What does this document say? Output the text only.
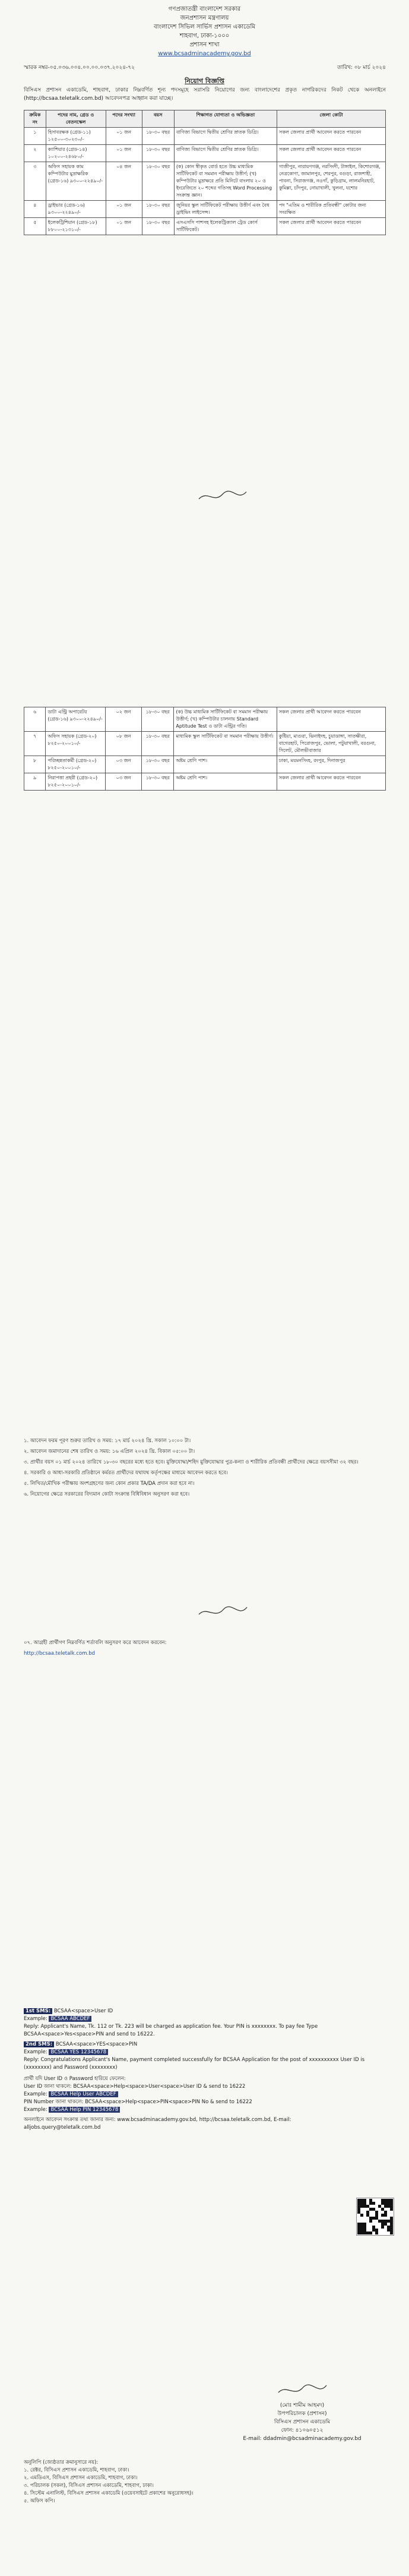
গণপ্রজাতন্ত্রী বাংলাদেশ সরকার
জনপ্রশাসন মন্ত্রণালয়
বাংলাদেশ সিভিল সার্ভিস প্রশাসন একাডেমি
শাহবাগ, ঢাকা-১০০০
প্রশাসন শাখা
www.bcsadminacademy.gov.bd
স্মারক নম্বর-০৫.০৩৬.০০৪.০০.০০.০৩৭.২০২৪-৭২	তারিখ: ০৮ মার্চ ২০২৪
নিয়োগ বিজ্ঞপ্তি
বিসিএস প্রশাসন একাডেমি, শাহবাগ, ঢাকার নিম্নবর্ণিত শূন্য পদসমূহে সরাসরি নিয়োগের জন্য বাংলাদেশের প্রকৃত নাগরিকদের নিকট থেকে অনলাইনে (http://bcsaa.teletalk.com.bd) আবেদনপত্র আহ্বান করা যাচ্ছে।
ক্রমিক নং	পদের নাম, গ্রেড ও বেতনস্কেল	পদের সংখ্যা	বয়স	শিক্ষাগত যোগ্যতা ও অভিজ্ঞতা	জেলা কোটা
১	হিসাবরক্ষক (গ্রেড-১১) ১২৫০০-৩০২৩০/-	০১ জন	১৮-৩০ বছর	বাণিজ্য বিভাগে দ্বিতীয় শ্রেণির স্নাতক ডিগ্রি।	সকল জেলার প্রার্থী আবেদন করতে পারবেন
২	ক্যাশিয়ার (গ্রেড-১৪) ১০২০০-২৪৬৮০/-	০১ জন	১৮-৩০ বছর	বাণিজ্য বিভাগে দ্বিতীয় শ্রেণির স্নাতক ডিগ্রি।	সকল জেলার প্রার্থী আবেদন করতে পারবেন
৩	অফিস সহায়ক কাম কম্পিউটার মুদ্রাক্ষরিক (গ্রেড-১৬) ৯৩০০-২২৪৯০/-	০৪ জন	১৮-৩০ বছর	(ক) কোন স্বীকৃত বোর্ড হতে উচ্চ মাধ্যমিক সার্টিফিকেট বা সমমান পরীক্ষায় উত্তীর্ণ; (খ) কম্পিউটার মুদ্রাক্ষরে প্রতি মিনিটে বাংলায় ২০ ও ইংরেজিতে ২০ শব্দের গতিসহ Word Processing সংক্রান্ত জ্ঞান।	গাজীপুর, নারায়ণগঞ্জ, নরসিংদী, টাঙ্গাইল, কিশোরগঞ্জ, নেত্রকোণা, জামালপুর, শেরপুর, বগুড়া, রাজশাহী, পাবনা, সিরাজগঞ্জ, নওগাঁ, কুড়িগ্রাম, লালমনিরহাট, কুমিল্লা, চাঁদপুর, নোয়াখালী, খুলনা, যশোর
৪	ড্রাইভার (গ্রেড-১৬) ৯৩০০-২২৪৯০/-	০১ জন	১৮-৩০ বছর	জুনিয়র স্কুল সার্টিফিকেট পরীক্ষায় উত্তীর্ণ এবং বৈধ ড্রাইভিং লাইসেন্স।	পদ "এতিম ও শারীরিক প্রতিবন্ধী" কোটার জন্য সংরক্ষিত
৫	ইলেকট্রিশিয়ান (গ্রেড-১৮) ৮৮০০-২১৩১০/-	০১ জন	১৮-৩০ বছর	এসএসসি পাশসহ ইলেকট্রিক্যাল ট্রেড কোর্স সার্টিফিকেট।	সকল জেলার প্রার্থী আবেদন করতে পারবেন
৬	ডাটা এন্ট্রি অপারেটর (গ্রেড-১৬) ৯৩০০-২২৪৯০/-	০২ জন	১৮-৩০ বছর	(ক) উচ্চ মাধ্যমিক সার্টিফিকেট বা সমমান পরীক্ষায় উত্তীর্ণ; (খ) কম্পিউটার চালনায় Standard Aptitude Test ও ডাটা এন্ট্রির গতি।	সকল জেলার প্রার্থী আবেদন করতে পারবেন
৭	অফিস সহায়ক (গ্রেড-২০) ৮২৫০-২০০১০/-	০৮ জন	১৮-৩০ বছর	মাধ্যমিক স্কুল সার্টিফিকেট বা সমমান পরীক্ষায় উত্তীর্ণ।	কুষ্টিয়া, মাগুরা, ঝিনাইদহ, চুয়াডাঙ্গা, সাতক্ষীরা, বাগেরহাট, পিরোজপুর, ভোলা, পটুয়াখালী, বরগুনা, সিলেট, মৌলভীবাজার
৮	পরিচ্ছন্নতাকর্মী (গ্রেড-২০) ৮২৫০-২০০১০/-	০৩ জন	১৮-৩০ বছর	অষ্টম শ্রেণি পাশ।	ঢাকা, ময়মনসিংহ, রংপুর, দিনাজপুর
৯	নিরাপত্তা প্রহরী (গ্রেড-২০) ৮২৫০-২০০১০/-	০৩ জন	১৮-৩০ বছর	অষ্টম শ্রেণি পাশ।	সকল জেলার প্রার্থী আবেদন করতে পারবেন

১. আবেদন ফরম পূরণ শুরুর তারিখ ও সময়: ১৭ মার্চ ২০২৪ খ্রি. সকাল ১০:০০ টা।

২. আবেদন জমাদানের শেষ তারিখ ও সময়: ১৬ এপ্রিল ২০২৪ খ্রি. বিকাল ০৫:০০ টা।

৩. প্রার্থীর বয়স ০১ মার্চ ২০২৪ তারিখে ১৮-৩০ বছরের মধ্যে হতে হবে। মুক্তিযোদ্ধা/শহিদ মুক্তিযোদ্ধার পুত্র-কন্যা ও শারীরিক প্রতিবন্ধী প্রার্থীদের ক্ষেত্রে বয়সসীমা ৩২ বছর।

৪. সরকারি ও আধা-সরকারি প্রতিষ্ঠানে কর্মরত প্রার্থীদের যথাযথ কর্তৃপক্ষের মাধ্যমে আবেদন করতে হবে।

৫. লিখিত/মৌখিক পরীক্ষায় অংশগ্রহণের জন্য কোন প্রকার TA/DA প্রদান করা হবে না।

৬. নিয়োগের ক্ষেত্রে সরকারের বিদ্যমান কোটা সংক্রান্ত বিধিবিধান অনুসরণ করা হবে।

০৭. আগ্রহী প্রার্থীগণ নিম্নবর্ণিত শর্তাবলি অনুসরণ করে আবেদন করবেন:

http://bcsaa.teletalk.com.bd

1st SMS: BCSAA<space>User ID
Example: BCSAA ABCDEF
Reply: Applicant's Name, Tk. 112 or Tk. 223 will be charged as application fee. Your PIN is xxxxxxxx. To pay fee Type BCSAA<space>Yes<space>PIN and send to 16222.
2nd SMS: BCSAA<space>YES<space>PIN
Example: BCSAA YES 12345678
Reply: Congratulations Applicant's Name, payment completed successfully for BCSAA Application for the post of xxxxxxxxxx User ID is (xxxxxxxx) and Password (xxxxxxxx)
প্রার্থী যদি User ID ও Password হারিয়ে ফেলেন:
User ID জানা থাকলে: BCSAA<space>Help<space>User<space>User ID & send to 16222
Example: BCSAA Help User ABCDEF
PIN Number জানা থাকলে: BCSAA<space>Help<space>PIN<space>PIN No & send to 16222
Example: BCSAA Help PIN 12345678
অনলাইনে আবেদন সংক্রান্ত তথ্য জানার জন্য: www.bcsadminacademy.gov.bd, http://bcsaa.teletalk.com.bd, E-mail: alljobs.query@teletalk.com.bd
(মোঃ শামীম আহমদ)
উপপরিচালক (প্রশাসন)
বিসিএস প্রশাসন একাডেমি
ফোন: ৪১০৬০৫১২
E-mail: ddadmin@bcsadminacademy.gov.bd
অনুলিপি (জ্যেষ্ঠতার ক্রমানুসারে নয়):
১. রেক্টর, বিসিএস প্রশাসন একাডেমি, শাহবাগ, ঢাকা।
২. এমডিএস, বিসিএস প্রশাসন একাডেমি, শাহবাগ, ঢাকা।
৩. পরিচালক (সকল), বিসিএস প্রশাসন একাডেমি, শাহবাগ, ঢাকা।
৪. সিস্টেম এনালিস্ট, বিসিএস প্রশাসন একাডেমি (ওয়েবসাইটে প্রকাশের অনুরোধসহ)।
৫. অফিস কপি।
